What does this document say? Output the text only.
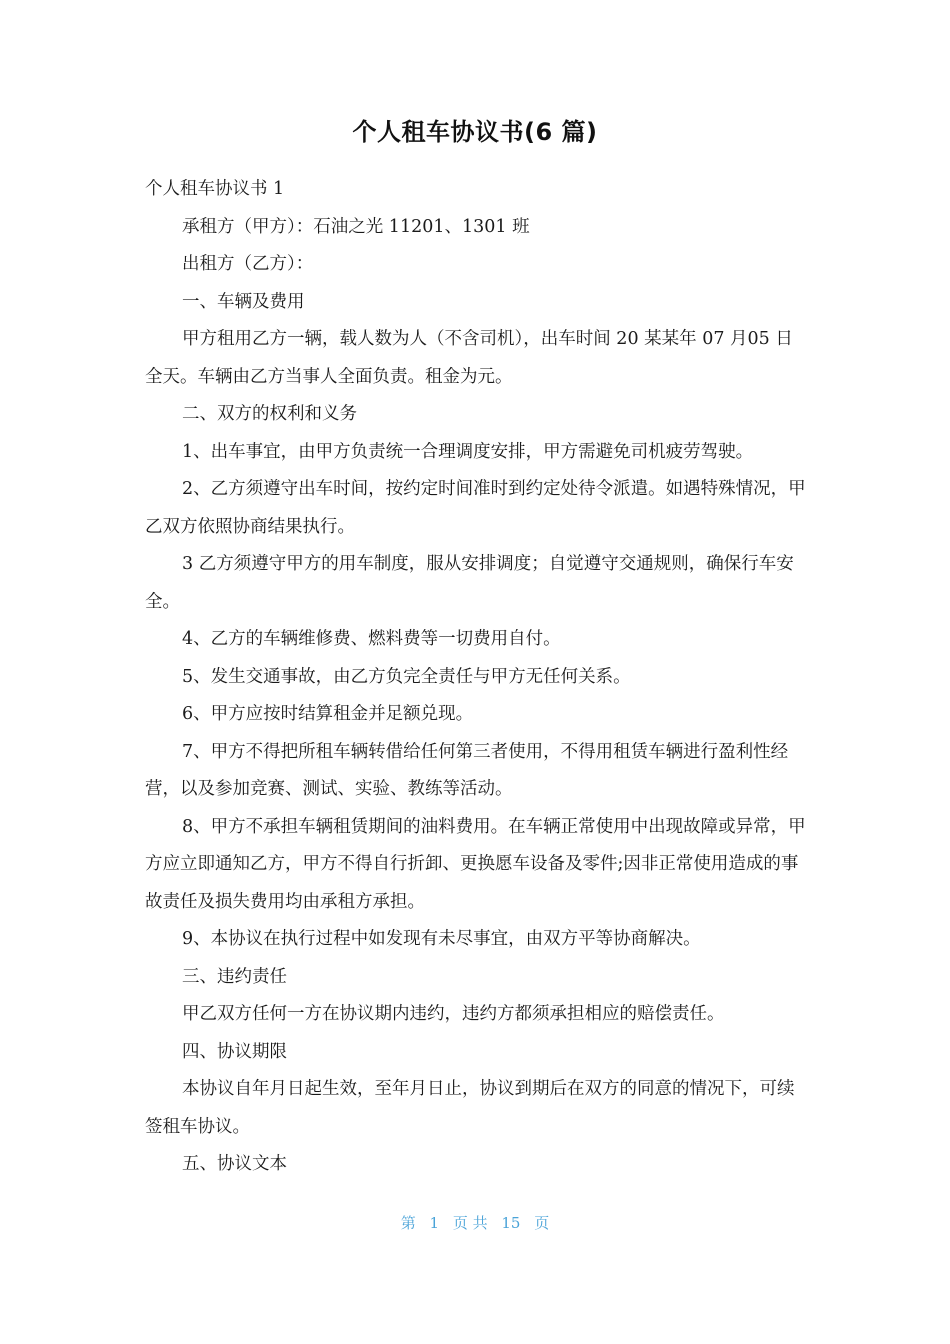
个人租车协议书(6 篇)

个人租车协议书 1

承租方（甲方）：石油之光 11201、1301 班

出租方（乙方）：

一、车辆及费用

甲方租用乙方一辆，载人数为人（不含司机），出车时间 20 某某年 07 月05 日全天。车辆由乙方当事人全面负责。租金为元。

二、双方的权利和义务

1、出车事宜，由甲方负责统一合理调度安排，甲方需避免司机疲劳驾驶。

2、乙方须遵守出车时间，按约定时间准时到约定处待令派遣。如遇特殊情况，甲乙双方依照协商结果执行。

3 乙方须遵守甲方的用车制度，服从安排调度；自觉遵守交通规则，确保行车安全。

4、乙方的车辆维修费、燃料费等一切费用自付。

5、发生交通事故，由乙方负完全责任与甲方无任何关系。

6、甲方应按时结算租金并足额兑现。

7、甲方不得把所租车辆转借给任何第三者使用，不得用租赁车辆进行盈利性经营，以及参加竞赛、测试、实验、教练等活动。

8、甲方不承担车辆租赁期间的油料费用。在车辆正常使用中出现故障或异常，甲方应立即通知乙方，甲方不得自行折卸、更换愿车设备及零件;因非正常使用造成的事故责任及损失费用均由承租方承担。

9、本协议在执行过程中如发现有未尽事宜，由双方平等协商解决。

三、违约责任

甲乙双方任何一方在协议期内违约，违约方都须承担相应的赔偿责任。

四、协议期限

本协议自年月日起生效，至年月日止，协议到期后在双方的同意的情况下，可续签租车协议。

五、协议文本

第 1 页 共 15 页
